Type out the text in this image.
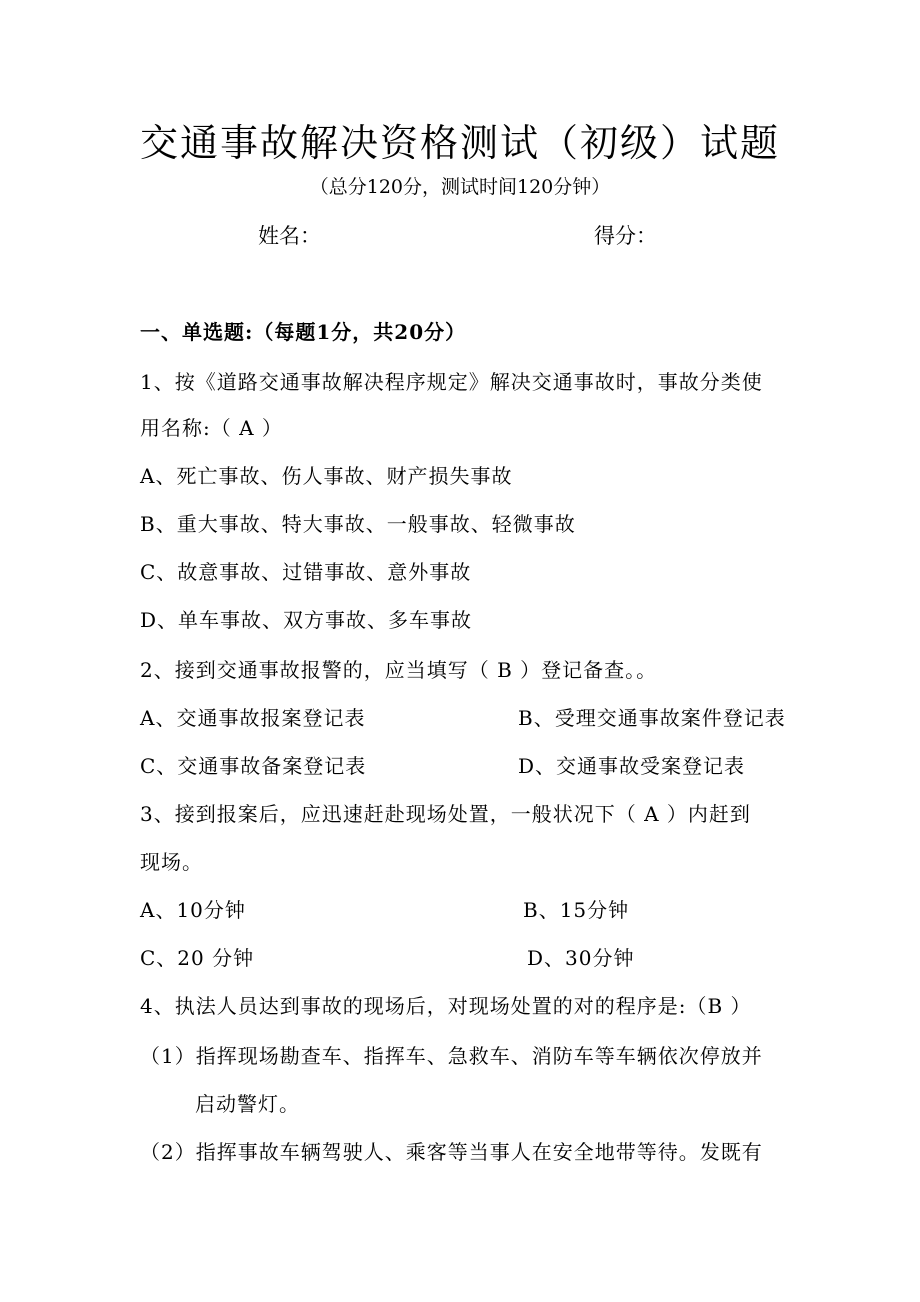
交通事故解决资格测试（初级）试题
（总分120分，测试时间120分钟）
姓名：	得分：
一、单选题:（每题1分，共20分）
1、按《道路交通事故解决程序规定》解决交通事故时，事故分类使
用名称:（ A ）
A、死亡事故、伤人事故、财产损失事故
B、重大事故、特大事故、一般事故、轻微事故
C、故意事故、过错事故、意外事故
D、单车事故、双方事故、多车事故
2、接到交通事故报警的，应当填写（ B ）登记备查。。
A、交通事故报案登记表	B、受理交通事故案件登记表
C、交通事故备案登记表	D、交通事故受案登记表
3、接到报案后，应迅速赶赴现场处置，一般状况下（ A ）内赶到
现场。
A、10分钟	B、15分钟
C、20 分钟	D、30分钟
4、执法人员达到事故的现场后，对现场处置的对的程序是:（B ）
（1）指挥现场勘查车、指挥车、急救车、消防车等车辆依次停放并
启动警灯。
（2）指挥事故车辆驾驶人、乘客等当事人在安全地带等待。发既有
